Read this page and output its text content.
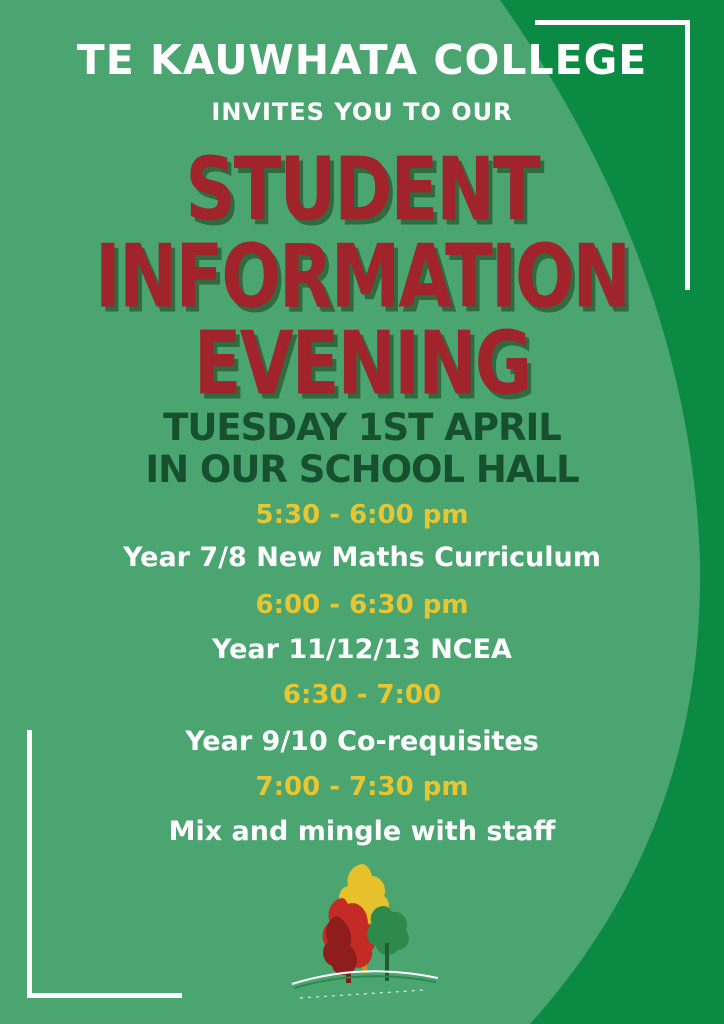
TE KAUWHATA COLLEGE
INVITES YOU TO OUR
STUDENT
INFORMATION
EVENING
TUESDAY 1ST APRIL
IN OUR SCHOOL HALL
5:30 - 6:00 pm
Year 7/8 New Maths Curriculum
6:00 - 6:30 pm
Year 11/12/13 NCEA
6:30 - 7:00
Year 9/10 Co-requisites
7:00 - 7:30 pm
Mix and mingle with staff
